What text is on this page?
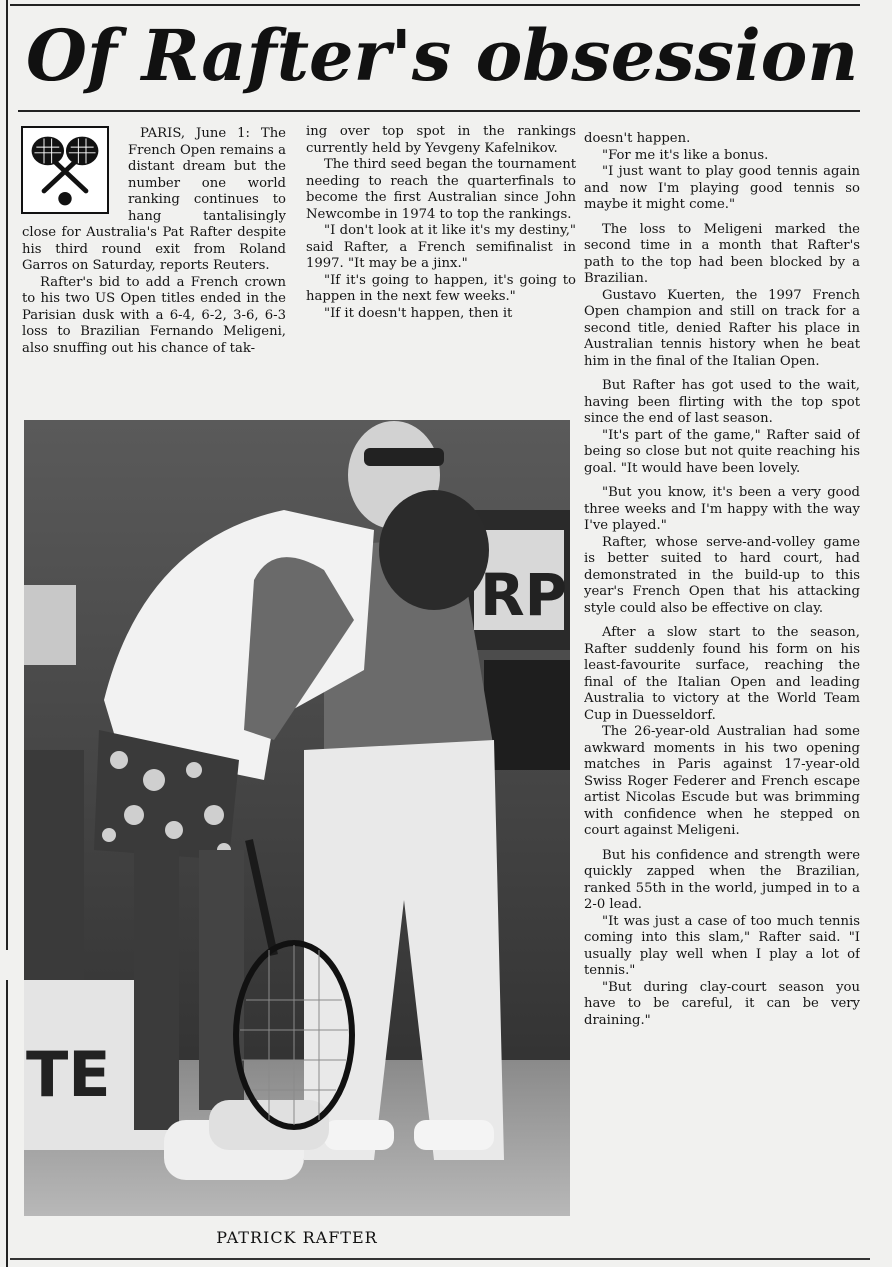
Of Rafter's obsession

PARIS, June 1: The French Open remains a distant dream but the number one world ranking continues to hang tantalisingly close for Australia's Pat Rafter despite his third round exit from Roland Garros on Saturday, reports Reuters.

Rafter's bid to add a French crown to his two US Open titles ended in the Parisian dusk with a 6-4, 6-2, 3-6, 6-3 loss to Brazilian Fernando Meligeni, also snuffing out his chance of tak-

ing over top spot in the rankings currently held by Yevgeny Kafelnikov.

The third seed began the tournament needing to reach the quarterfinals to become the first Australian since John Newcombe in 1974 to top the rankings.

"I don't look at it like it's my destiny," said Rafter, a French semifinalist in 1997. "It may be a jinx."

"If it's going to happen, it's going to happen in the next few weeks."

"If it doesn't happen, then it

doesn't happen.

"For me it's like a bonus.

"I just want to play good tennis again and now I'm playing good tennis so maybe it might come."

The loss to Meligeni marked the second time in a month that Rafter's path to the top had been blocked by a Brazilian.

Gustavo Kuerten, the 1997 French Open champion and still on track for a second title, denied Rafter his place in Australian tennis history when he beat him in the final of the Italian Open.

But Rafter has got used to the wait, having been flirting with the top spot since the end of last season.

"It's part of the game," Rafter said of being so close but not quite reaching his goal. "It would have been lovely.

"But you know, it's been a very good three weeks and I'm happy with the way I've played."

Rafter, whose serve-and-volley game is better suited to hard court, had demonstrated in the build-up to this year's French Open that his attacking style could also be effective on clay.

After a slow start to the season, Rafter suddenly found his form on his least-favourite surface, reaching the final of the Italian Open and leading Australia to victory at the World Team Cup in Duesseldorf.

The 26-year-old Australian had some awkward moments in his two opening matches in Paris against 17-year-old Swiss Roger Federer and French escape artist Nicolas Escude but was brimming with confidence when he stepped on court against Meligeni.

But his confidence and strength were quickly zapped when the Brazilian, ranked 55th in the world, jumped in to a 2-0 lead.

"It was just a case of too much tennis coming into this slam," Rafter said. "I usually play well when I play a lot of tennis."

"But during clay-court season you have to be careful, it can be very draining."

RP
TE
PATRICK RAFTER
